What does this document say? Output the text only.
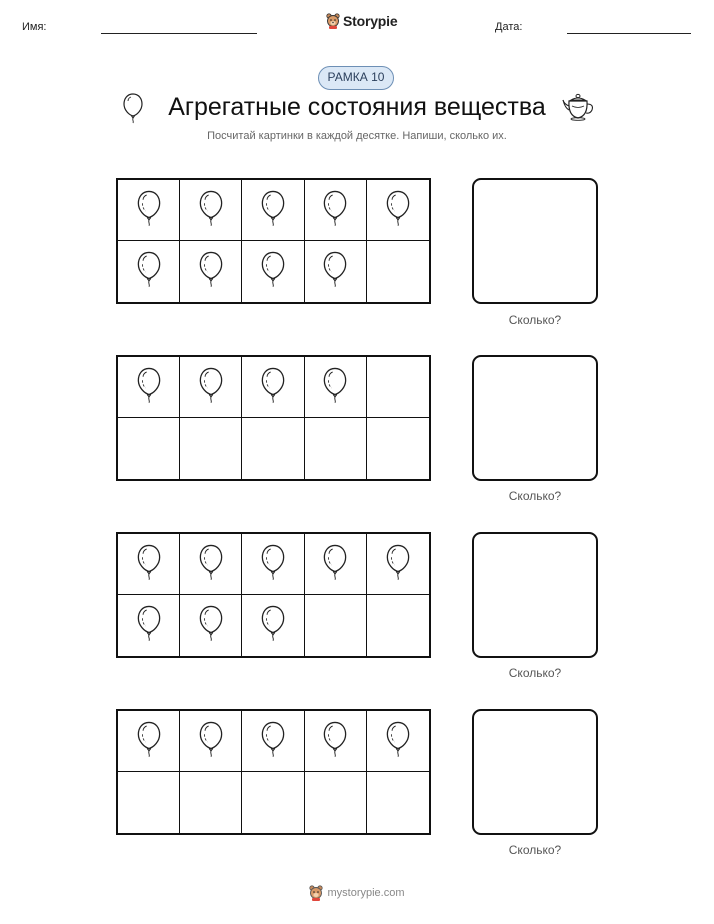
Имя:	Storypie	Дата:
РАМКА 10
Агрегатные состояния вещества
Посчитай картинки в каждой десятке. Напиши, сколько их.
Сколько?
Сколько?
Сколько?
Сколько?
mystorypie.com
